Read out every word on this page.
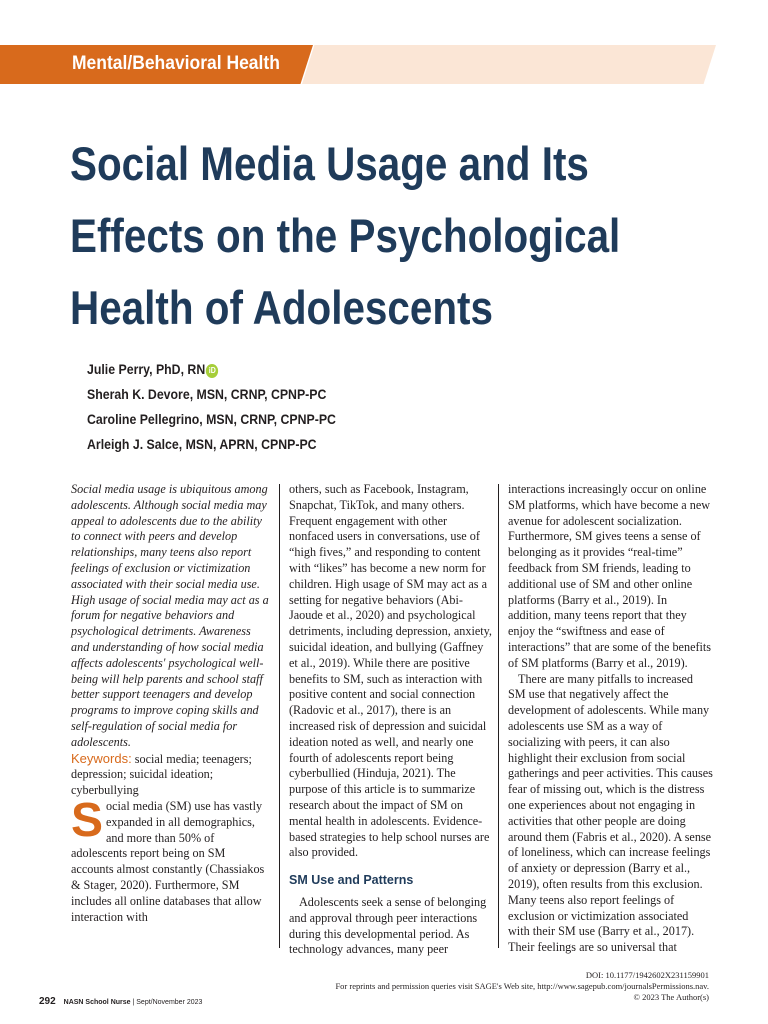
Mental/Behavioral Health
Social Media Usage and Its
Effects on the Psychological
Health of Adolescents
Julie Perry, PhD, RN iD
Sherah K. Devore, MSN, CRNP, CPNP-PC
Caroline Pellegrino, MSN, CRNP, CPNP-PC
Arleigh J. Salce, MSN, APRN, CPNP-PC

Social media usage is ubiquitous among adolescents. Although social media may appeal to adolescents due to the ability to connect with peers and develop relationships, many teens also report feelings of exclusion or victimization associated with their social media use. High usage of social media may act as a forum for negative behaviors and psychological detriments. Awareness and understanding of how social media affects adolescents' psychological well-being will help parents and school staff better support teenagers and develop programs to improve coping skills and self-regulation of social media for adolescents.

Keywords: social media; teenagers; depression; suicidal ideation; cyberbullying

Social media (SM) use has vastly expanded in all demographics, and more than 50% of adolescents report being on SM accounts almost constantly (Chassiakos & Stager, 2020). Furthermore, SM includes all online databases that allow interaction with

others, such as Facebook, Instagram, Snapchat, TikTok, and many others. Frequent engagement with other nonfaced users in conversations, use of “high fives,” and responding to content with “likes” has become a new norm for children. High usage of SM may act as a setting for negative behaviors (Abi-Jaoude et al., 2020) and psychological detriments, including depression, anxiety, suicidal ideation, and bullying (Gaffney et al., 2019). While there are positive benefits to SM, such as interaction with positive content and social connection (Radovic et al., 2017), there is an increased risk of depression and suicidal ideation noted as well, and nearly one fourth of adolescents report being cyberbullied (Hinduja, 2021). The purpose of this article is to summarize research about the impact of SM on mental health in adolescents. Evidence-based strategies to help school nurses are also provided.

SM Use and Patterns

Adolescents seek a sense of belonging and approval through peer interactions during this developmental period. As technology advances, many peer

interactions increasingly occur on online SM platforms, which have become a new avenue for adolescent socialization. Furthermore, SM gives teens a sense of belonging as it provides “real-time” feedback from SM friends, leading to additional use of SM and other online platforms (Barry et al., 2019). In addition, many teens report that they enjoy the “swiftness and ease of interactions” that are some of the benefits of SM platforms (Barry et al., 2019).

There are many pitfalls to increased SM use that negatively affect the development of adolescents. While many adolescents use SM as a way of socializing with peers, it can also highlight their exclusion from social gatherings and peer activities. This causes fear of missing out, which is the distress one experiences about not engaging in activities that other people are doing around them (Fabris et al., 2020). A sense of loneliness, which can increase feelings of anxiety or depression (Barry et al., 2019), often results from this exclusion. Many teens also report feelings of exclusion or victimization associated with their SM use (Barry et al., 2017). Their feelings are so universal that

DOI: 10.1177/1942602X231159901
For reprints and permission queries visit SAGE's Web site, http://www.sagepub.com/journalsPermissions.nav.
© 2023 The Author(s)
292 NASN School Nurse | Sept/November 2023
